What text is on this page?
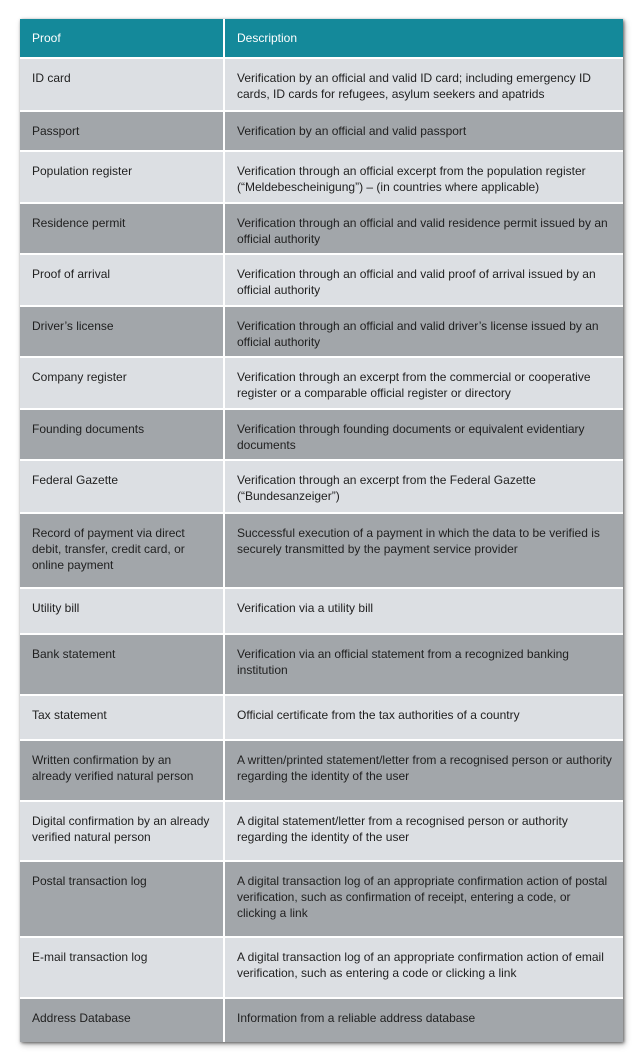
Proof	Description
ID card	Verification by an official and valid ID card; including emergency ID cards, ID cards for refugees, asylum seekers and apatrids
Passport	Verification by an official and valid passport
Population register	Verification through an official excerpt from the population register (“Meldebescheinigung”) – (in countries where applicable)
Residence permit	Verification through an official and valid residence permit issued by an official authority
Proof of arrival	Verification through an official and valid proof of arrival issued by an official authority
Driver’s license	Verification through an official and valid driver’s license issued by an official authority
Company register	Verification through an excerpt from the commercial or cooperative register or a comparable official register or directory
Founding documents	Verification through founding documents or equivalent evidentiary documents
Federal Gazette	Verification through an excerpt from the Federal Gazette (“Bundesanzeiger”)
Record of payment via direct debit, transfer, credit card, or online payment	Successful execution of a payment in which the data to be verified is securely transmitted by the payment service provider
Utility bill	Verification via a utility bill
Bank statement	Verification via an official statement from a recognized banking institution
Tax statement	Official certificate from the tax authorities of a country
Written confirmation by an already verified natural person	A written/printed statement/letter from a recognised person or authority regarding the identity of the user
Digital confirmation by an already verified natural person	A digital statement/letter from a recognised person or authority regarding the identity of the user
Postal transaction log	A digital transaction log of an appropriate confirmation action of postal verification, such as confirmation of receipt, entering a code, or clicking a link
E-mail transaction log	A digital transaction log of an appropriate confirmation action of email verification, such as entering a code or clicking a link
Address Database	Information from a reliable address database
